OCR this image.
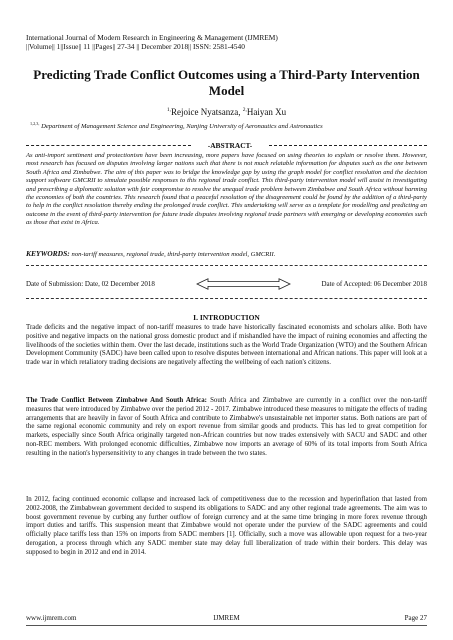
International Journal of Modern Research in Engineering & Management (IJMREM)
||Volume|| 1||Issue|| 11 ||Pages|| 27-34 || December 2018|| ISSN: 2581-4540
Predicting Trade Conflict Outcomes using a Third-Party Intervention Model
$^{1,}$Rejoice Nyatsanza, $^{2,}$Haiyan Xu
$^{1,2,3,}$ Department of Management Science and Engineering, Nanjing University of Aeronautics and Astronautics
-ABSTRACT-
As anti-import sentiment and protectionism have been increasing, more papers have focused on using theories to explain or resolve them. However, most research has focused on disputes involving larger nations such that there is not much relatable information for disputes such as the one between South Africa and Zimbabwe. The aim of this paper was to bridge the knowledge gap by using the graph model for conflict resolution and the decision support software GMCRII to simulate possible responses to this regional trade conflict. This third-party intervention model will assist in investigating and prescribing a diplomatic solution with fair compromise to resolve the unequal trade problem between Zimbabwe and South Africa without harming the economies of both the countries. This research found that a peaceful resolution of the disagreement could be found by the addition of a third-party to help in the conflict resolution thereby ending the prolonged trade conflict. This undertaking will serve as a template for modelling and predicting an outcome in the event of third-party intervention for future trade disputes involving regional trade partners with emerging or developing economies such as those that exist in Africa.
KEYWORDS: non-tariff measures, regional trade, third-party intervention model, GMCRII.
Date of Submission: Date, 02 December 2018	Date of Accepted: 06 December 2018
I. INTRODUCTION
Trade deficits and the negative impact of non-tariff measures to trade have historically fascinated economists and scholars alike. Both have positive and negative impacts on the national gross domestic product and if mishandled have the impact of ruining economies and affecting the livelihoods of the societies within them. Over the last decade, institutions such as the World Trade Organization (WTO) and the Southern African Development Community (SADC) have been called upon to resolve disputes between international and African nations. This paper will look at a trade war in which retaliatory trading decisions are negatively affecting the wellbeing of each nation's citizens.
The Trade Conflict Between Zimbabwe And South Africa: South Africa and Zimbabwe are currently in a conflict over the non-tariff measures that were introduced by Zimbabwe over the period 2012 - 2017. Zimbabwe introduced these measures to mitigate the effects of trading arrangements that are heavily in favor of South Africa and contribute to Zimbabwe's unsustainable net importer status. Both nations are part of the same regional economic community and rely on export revenue from similar goods and products. This has led to great competition for markets, especially since South Africa originally targeted non-African countries but now trades extensively with SACU and SADC and other non-REC members. With prolonged economic difficulties, Zimbabwe now imports an average of 60% of its total imports from South Africa resulting in the nation's hypersensitivity to any changes in trade between the two states.
In 2012, facing continued economic collapse and increased lack of competitiveness due to the recession and hyperinflation that lasted from 2002-2008, the Zimbabwean government decided to suspend its obligations to SADC and any other regional trade agreements. The aim was to boost government revenue by curbing any further outflow of foreign currency and at the same time bringing in more forex revenue through import duties and tariffs. This suspension meant that Zimbabwe would not operate under the purview of the SADC agreements and could officially place tariffs less than 15% on imports from SADC members [1]. Officially, such a move was allowable upon request for a two-year derogation, a process through which any SADC member state may delay full liberalization of trade within their borders. This delay was supposed to begin in 2012 and end in 2014.
www.ijmrem.com	IJMREM	Page 27
